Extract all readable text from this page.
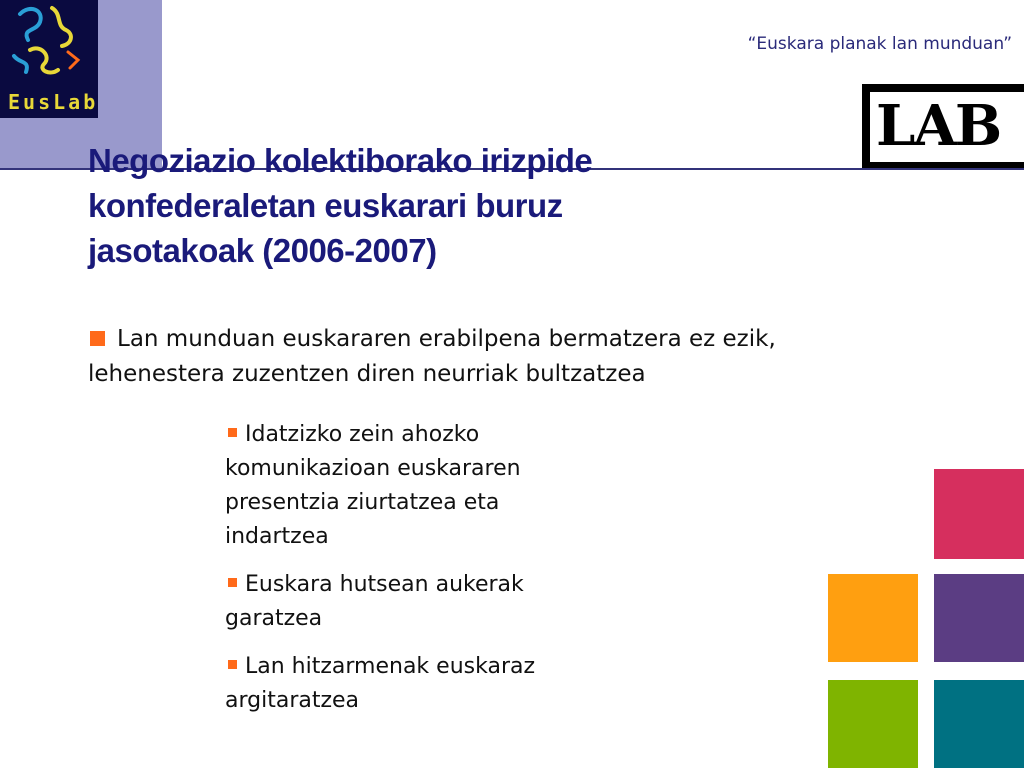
EusLab
“Euskara planak lan munduan”
LAB
Negoziazio kolektiborako irizpide
konfederaletan euskarari buruz
jasotakoak (2006-2007)
Lan munduan euskararen erabilpena bermatzera ez ezik,
lehenestera zuzentzen diren neurriak bultzatzea
Idatzizko zein ahozko
komunikazioan euskararen
presentzia ziurtatzea eta
indartzea
Euskara hutsean aukerak
garatzea
Lan hitzarmenak euskaraz
argitaratzea
